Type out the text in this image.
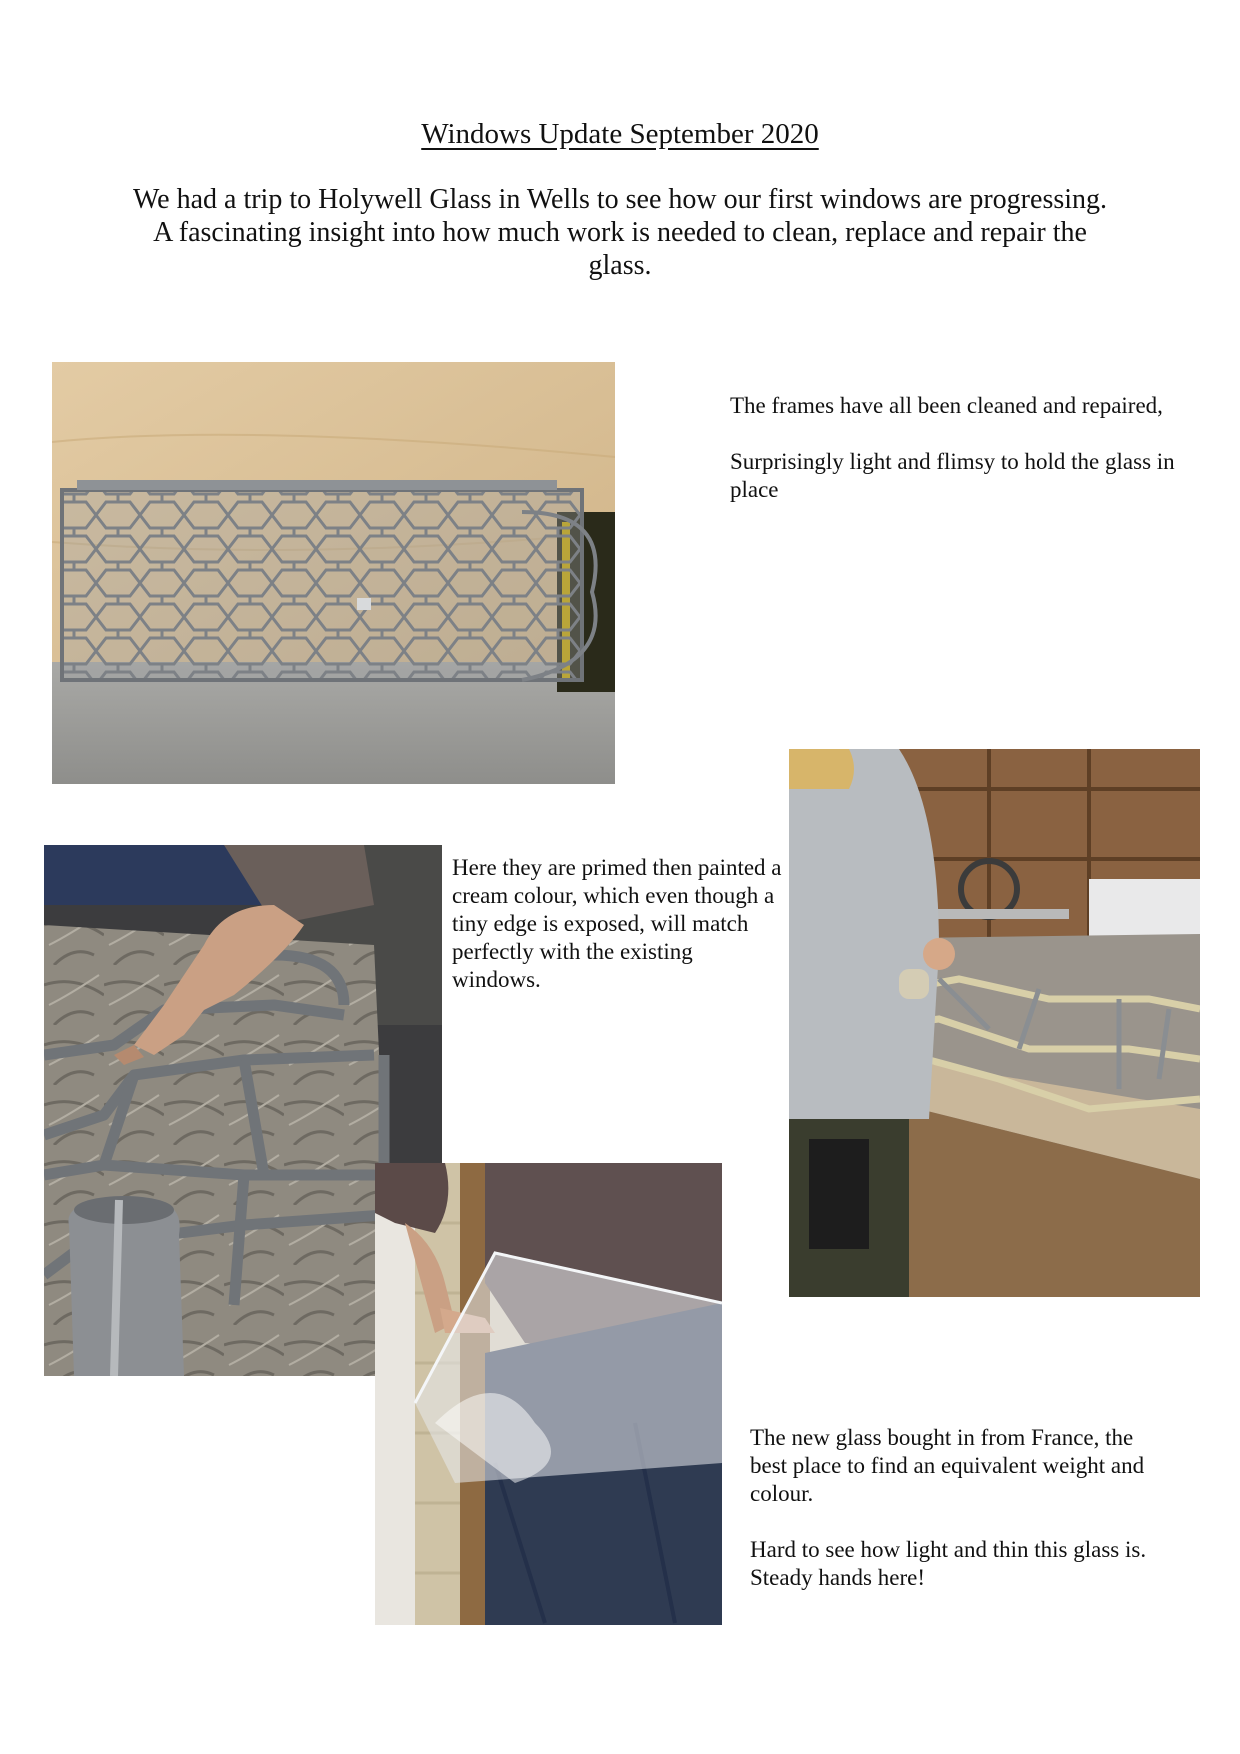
Windows Update September 2020

We had a trip to Holywell Glass in Wells to see how our first windows are progressing.

A fascinating insight into how much work is needed to clean, replace and repair the glass.

The frames have all been cleaned and repaired,

Surprisingly light and flimsy to hold the glass in place

Here they are primed then painted a cream colour, which even though a tiny edge is exposed, will match perfectly with the existing windows.

The new glass bought in from France, the best place to find an equivalent weight and colour.

Hard to see how light and thin this glass is. Steady hands here!
